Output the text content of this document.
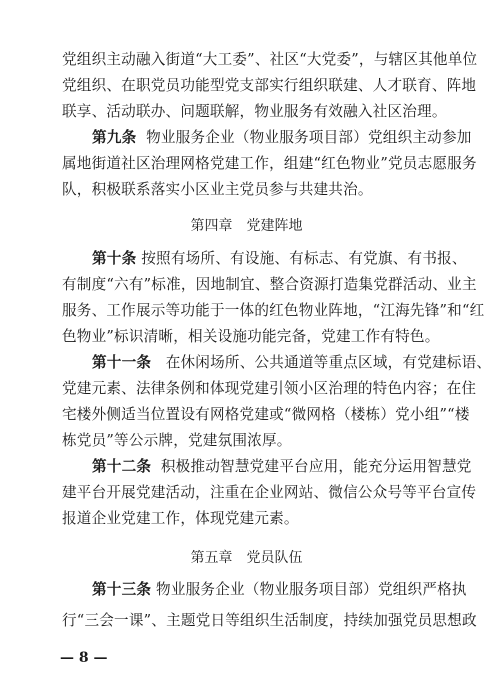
党组织主动融入街道“大工委”、社区“大党委”，与辖区其他单位
党组织、在职党员功能型党支部实行组织联建、人才联育、阵地
联享、活动联办、问题联解，物业服务有效融入社区治理。
第九条 物业服务企业（物业服务项目部）党组织主动参加
属地街道社区治理网格党建工作，组建“红色物业”党员志愿服务
队，积极联系落实小区业主党员参与共建共治。
第四章　党建阵地
第十条 按照有场所、有设施、有标志、有党旗、有书报、
有制度“六有”标准，因地制宜、整合资源打造集党群活动、业主
服务、工作展示等功能于一体的红色物业阵地，“江海先锋”和“红
色物业”标识清晰，相关设施功能完备，党建工作有特色。
第十一条 在休闲场所、公共通道等重点区域，有党建标语、
党建元素、法律条例和体现党建引领小区治理的特色内容；在住
宅楼外侧适当位置设有网格党建或“微网格（楼栋）党小组”“楼
栋党员”等公示牌，党建氛围浓厚。
第十二条 积极推动智慧党建平台应用，能充分运用智慧党
建平台开展党建活动，注重在企业网站、微信公众号等平台宣传
报道企业党建工作，体现党建元素。
第五章　党员队伍
— 8 —
第十三条 物业服务企业（物业服务项目部）党组织严格执
行“三会一课”、主题党日等组织生活制度，持续加强党员思想政
